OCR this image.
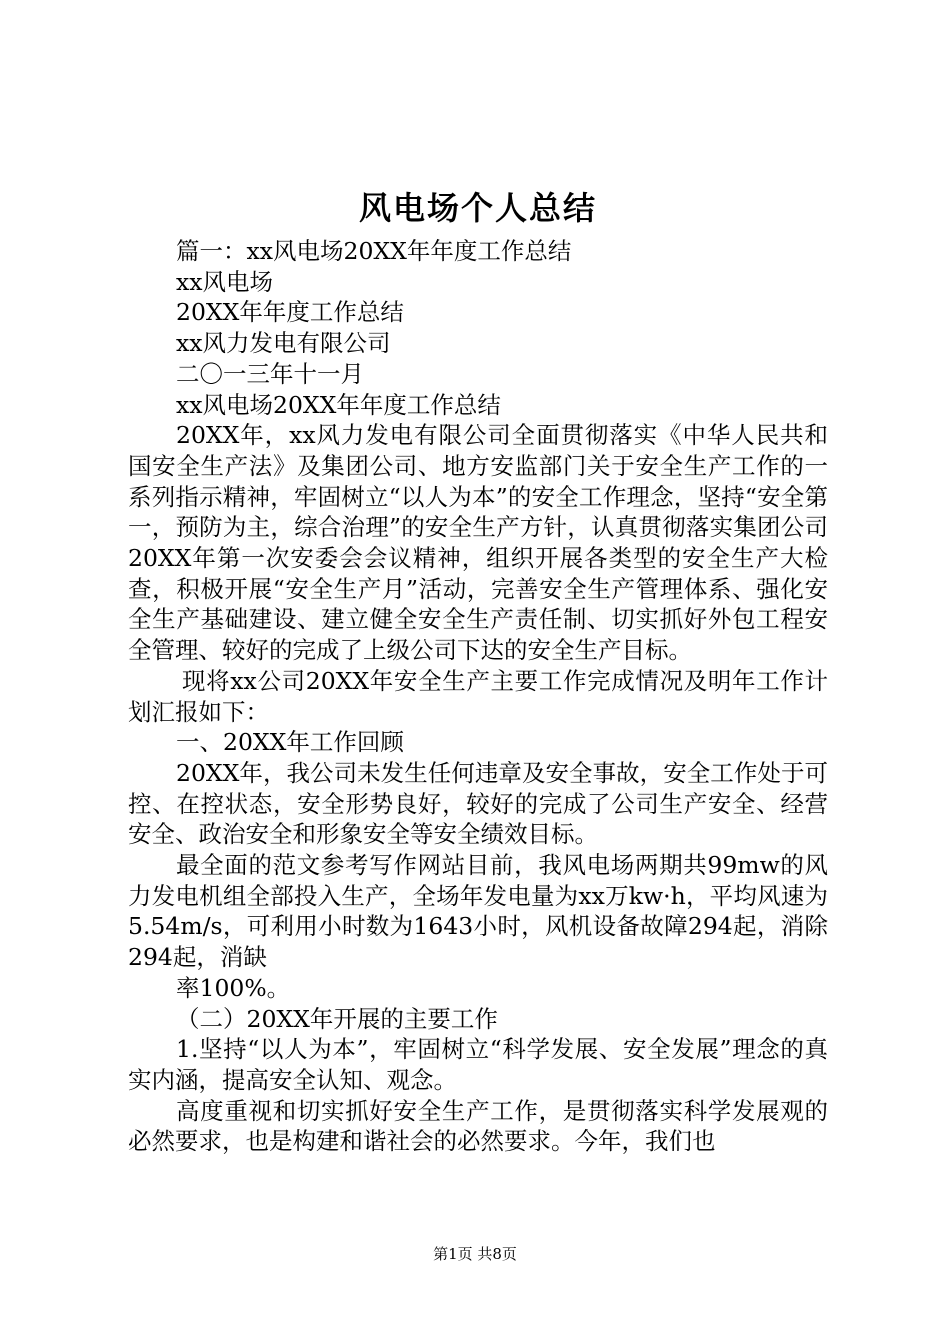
风电场个人总结

篇一：xx风电场20XX年年度工作总结

xx风电场

20XX年年度工作总结

xx风力发电有限公司

二〇一三年十一月

xx风电场20XX年年度工作总结

20XX年，xx风力发电有限公司全面贯彻落实《中华人民共和国安全生产法》及集团公司、地方安监部门关于安全生产工作的一系列指示精神，牢固树立“以人为本”的安全工作理念，坚持“安全第一，预防为主，综合治理”的安全生产方针，认真贯彻落实集团公司20XX年第一次安委会会议精神，组织开展各类型的安全生产大检查，积极开展“安全生产月”活动，完善安全生产管理体系、强化安全生产基础建设、建立健全安全生产责任制、切实抓好外包工程安全管理、较好的完成了上级公司下达的安全生产目标。

现将xx公司20XX年安全生产主要工作完成情况及明年工作计划汇报如下：

一、20XX年工作回顾

20XX年，我公司未发生任何违章及安全事故，安全工作处于可控、在控状态，安全形势良好，较好的完成了公司生产安全、经营安全、政治安全和形象安全等安全绩效目标。

最全面的范文参考写作网站目前，我风电场两期共99mw的风力发电机组全部投入生产，全场年发电量为xx万kw·h，平均风速为5.54m/s，可利用小时数为1643小时，风机设备故障294起，消除294起，消缺

率100%。

（二）20XX年开展的主要工作

1.坚持“以人为本”，牢固树立“科学发展、安全发展”理念的真实内涵，提高安全认知、观念。

高度重视和切实抓好安全生产工作，是贯彻落实科学发展观的必然要求，也是构建和谐社会的必然要求。今年，我们也

第1页 共8页
